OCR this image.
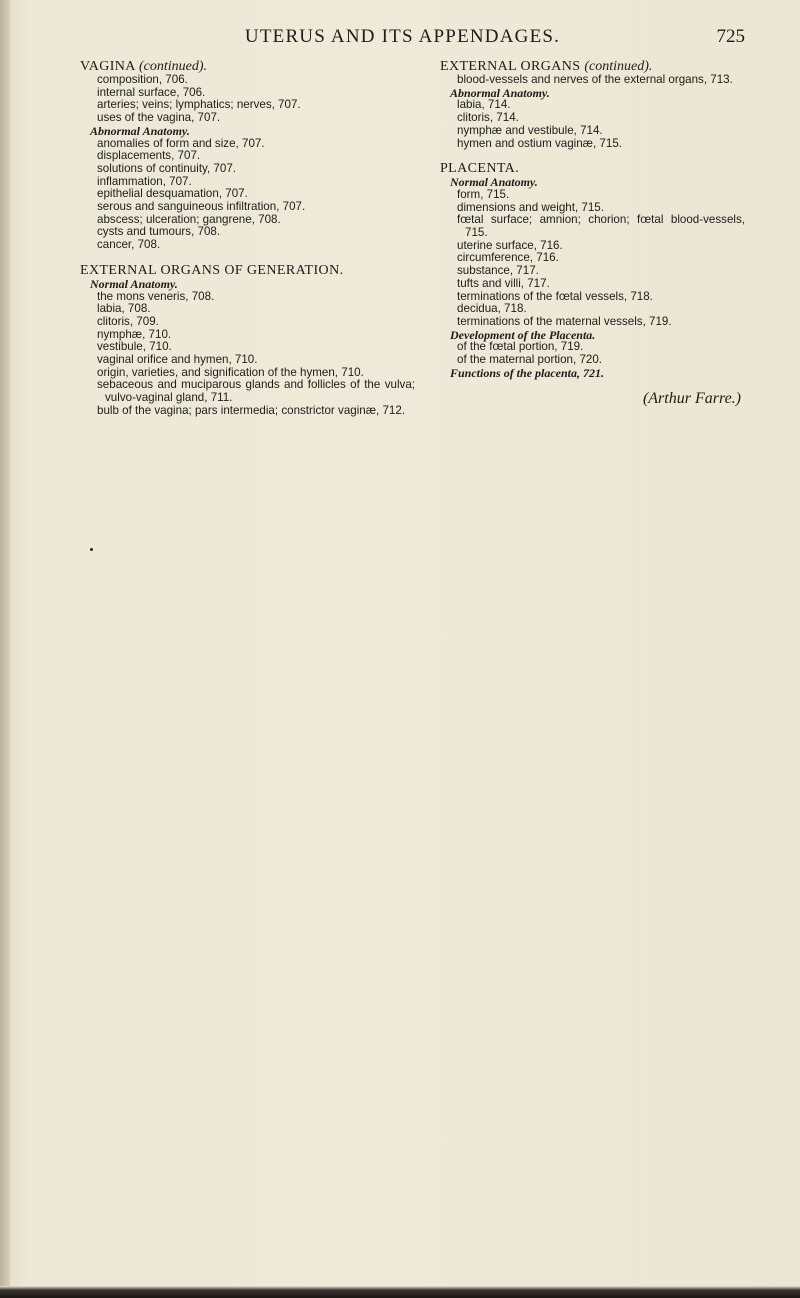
UTERUS AND ITS APPENDAGES.	725
VAGINA (continued).
composition, 706.
internal surface, 706.
arteries; veins; lymphatics; nerves, 707.
uses of the vagina, 707.
Abnormal Anatomy.
anomalies of form and size, 707.
displacements, 707.
solutions of continuity, 707.
inflammation, 707.
epithelial desquamation, 707.
serous and sanguineous infiltration, 707.
abscess; ulceration; gangrene, 708.
cysts and tumours, 708.
cancer, 708.
EXTERNAL ORGANS OF GENERATION.
Normal Anatomy.
the mons veneris, 708.
labia, 708.
clitoris, 709.
nymphæ, 710.
vestibule, 710.
vaginal orifice and hymen, 710.
origin, varieties, and signification of the hymen, 710.
sebaceous and muciparous glands and follicles of the vulva; vulvo-vaginal gland, 711.
bulb of the vagina; pars intermedia; constrictor vaginæ, 712.
EXTERNAL ORGANS (continued).
blood-vessels and nerves of the external organs, 713.
Abnormal Anatomy.
labia, 714.
clitoris, 714.
nymphæ and vestibule, 714.
hymen and ostium vaginæ, 715.
PLACENTA.
Normal Anatomy.
form, 715.
dimensions and weight, 715.
fœtal surface; amnion; chorion; fœtal blood-vessels, 715.
uterine surface, 716.
circumference, 716.
substance, 717.
tufts and villi, 717.
terminations of the fœtal vessels, 718.
decidua, 718.
terminations of the maternal vessels, 719.
Development of the Placenta.
of the fœtal portion, 719.
of the maternal portion, 720.
Functions of the placenta, 721.
(Arthur Farre.)
